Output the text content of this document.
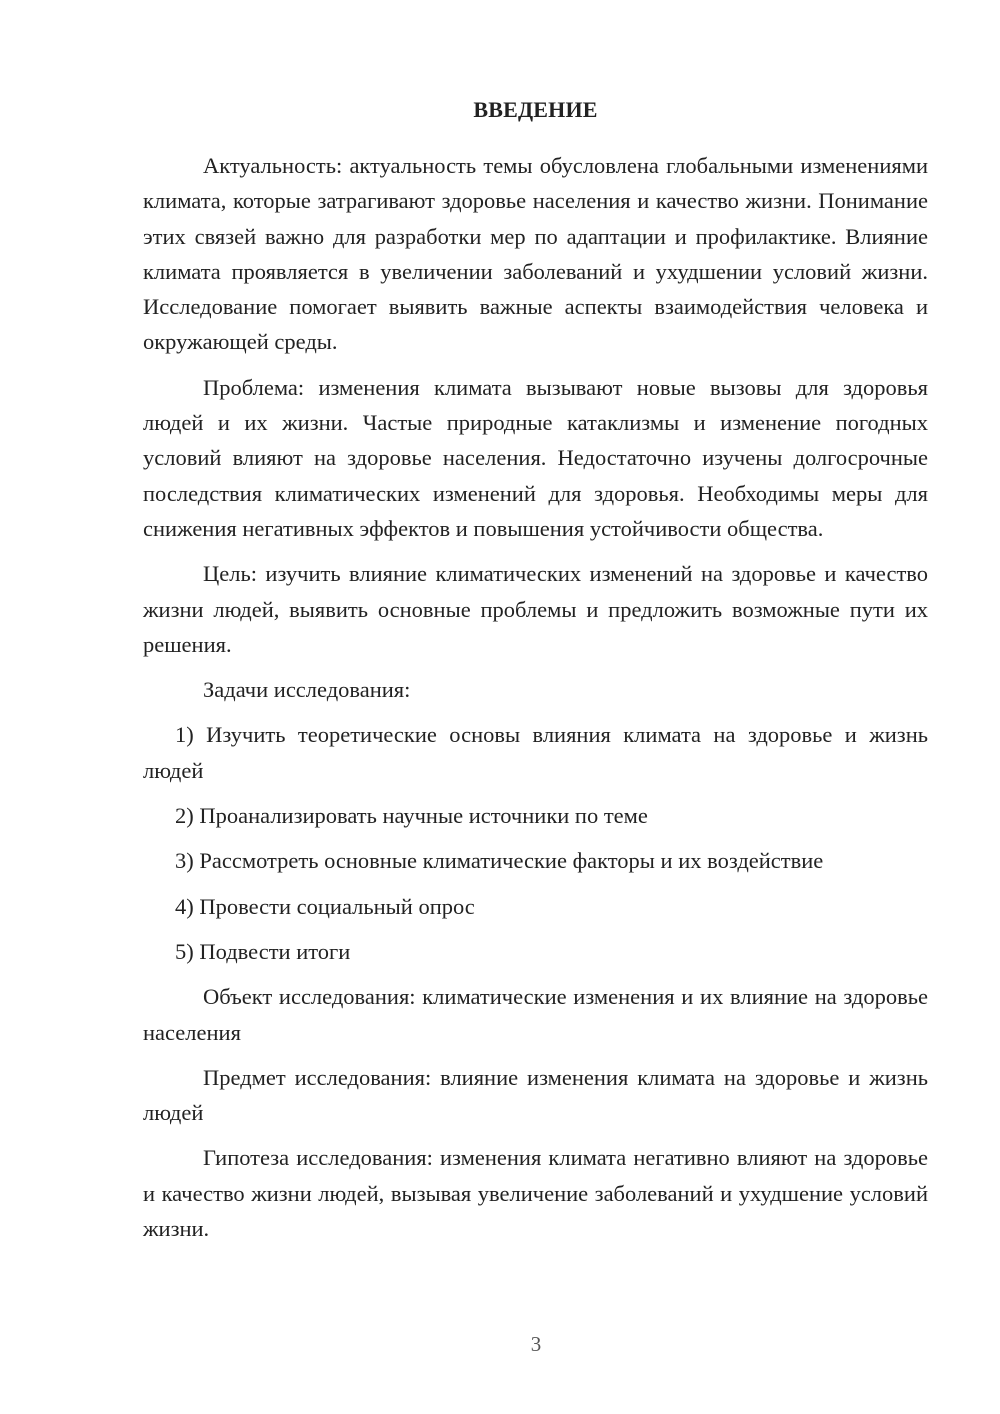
ВВЕДЕНИЕ
Актуальность: актуальность темы обусловлена глобальными изменениями климата, которые затрагивают здоровье населения и качество жизни. Понимание этих связей важно для разработки мер по адаптации и профилактике. Влияние климата проявляется в увеличении заболеваний и ухудшении условий жизни. Исследование помогает выявить важные аспекты взаимодействия человека и окружающей среды.
Проблема: изменения климата вызывают новые вызовы для здоровья людей и их жизни. Частые природные катаклизмы и изменение погодных условий влияют на здоровье населения. Недостаточно изучены долгосрочные последствия климатических изменений для здоровья. Необходимы меры для снижения негативных эффектов и повышения устойчивости общества.
Цель: изучить влияние климатических изменений на здоровье и качество жизни людей, выявить основные проблемы и предложить возможные пути их решения.
Задачи исследования:
1) Изучить теоретические основы влияния климата на здоровье и жизнь людей
2) Проанализировать научные источники по теме
3) Рассмотреть основные климатические факторы и их воздействие
4) Провести социальный опрос
5) Подвести итоги
Объект исследования: климатические изменения и их влияние на здоровье населения
Предмет исследования: влияние изменения климата на здоровье и жизнь людей
Гипотеза исследования: изменения климата негативно влияют на здоровье и качество жизни людей, вызывая увеличение заболеваний и ухудшение условий жизни.
3
